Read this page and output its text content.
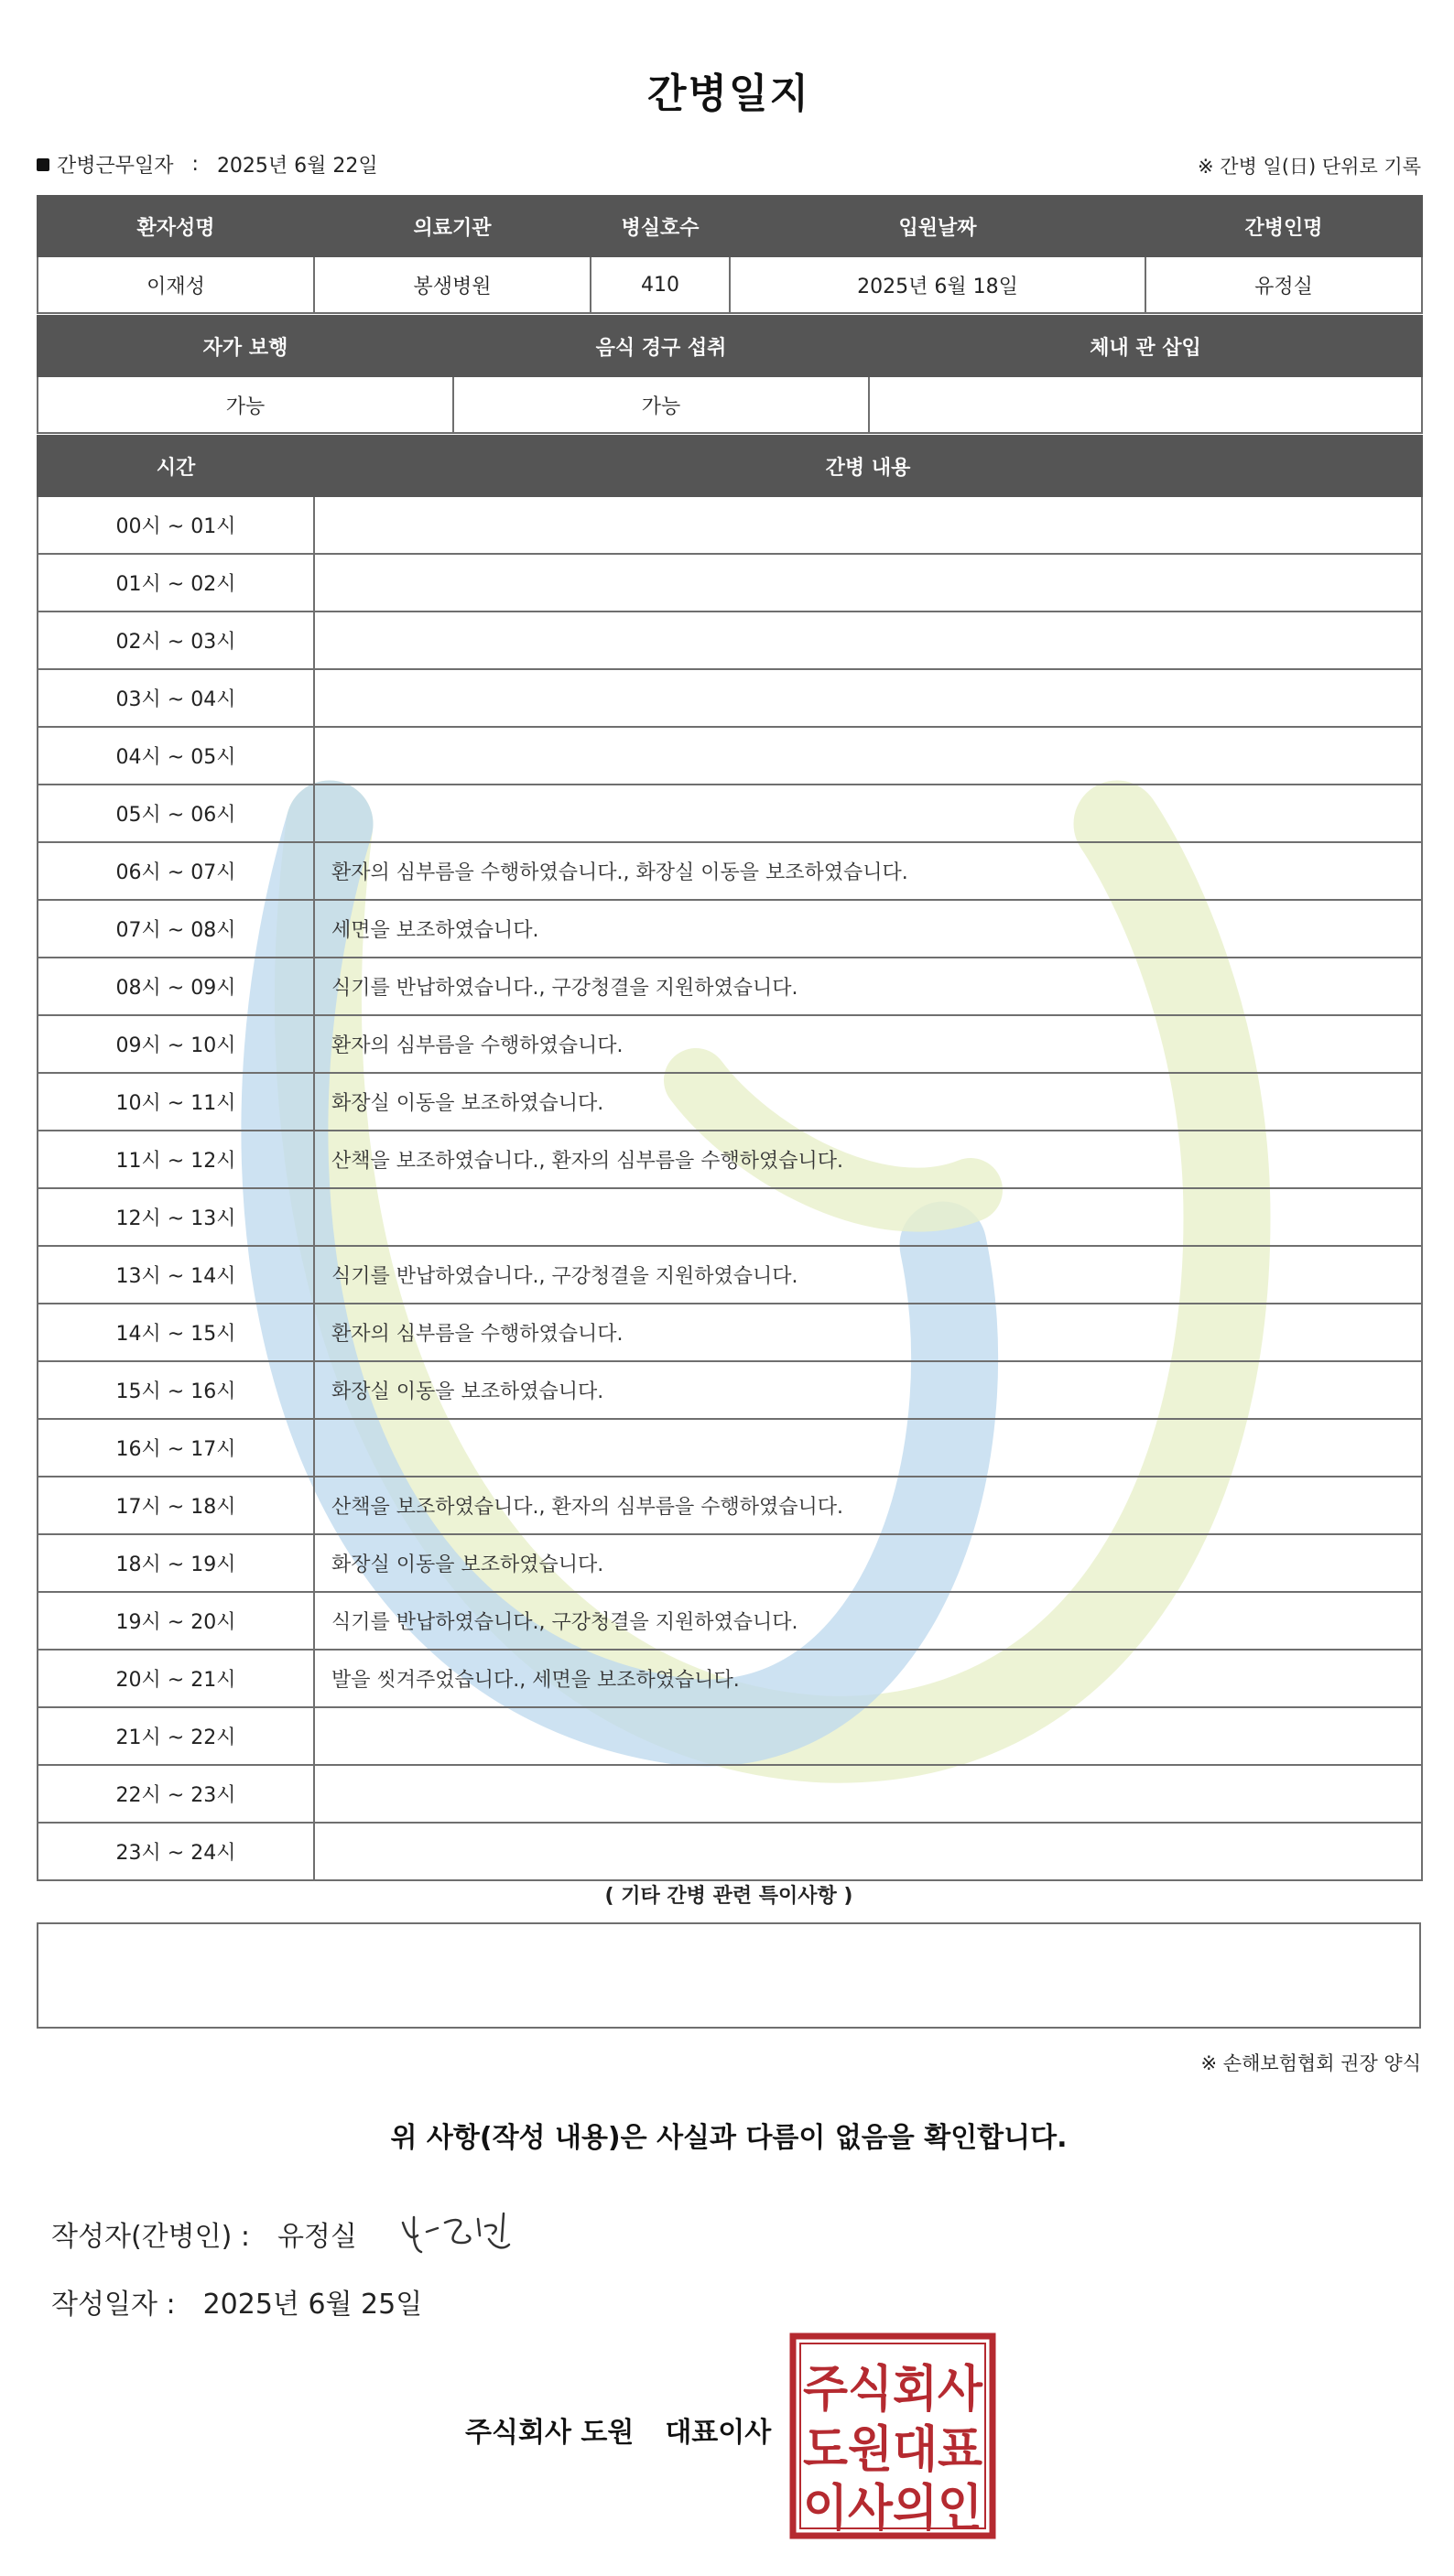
간병일지
간병근무일자 : 2025년 6월 22일	※ 간병 일(日) 단위로 기록
환자성명	의료기관	병실호수	입원날짜	간병인명
이재성	봉생병원	410	2025년 6월 18일	유정실
자가 보행	음식 경구 섭취	체내 관 삽입
가능	가능	
시간	간병 내용
00시 ~ 01시	
01시 ~ 02시	
02시 ~ 03시	
03시 ~ 04시	
04시 ~ 05시	
05시 ~ 06시	
06시 ~ 07시	환자의 심부름을 수행하였습니다., 화장실 이동을 보조하였습니다.
07시 ~ 08시	세면을 보조하였습니다.
08시 ~ 09시	식기를 반납하였습니다., 구강청결을 지원하였습니다.
09시 ~ 10시	환자의 심부름을 수행하였습니다.
10시 ~ 11시	화장실 이동을 보조하였습니다.
11시 ~ 12시	산책을 보조하였습니다., 환자의 심부름을 수행하였습니다.
12시 ~ 13시	
13시 ~ 14시	식기를 반납하였습니다., 구강청결을 지원하였습니다.
14시 ~ 15시	환자의 심부름을 수행하였습니다.
15시 ~ 16시	화장실 이동을 보조하였습니다.
16시 ~ 17시	
17시 ~ 18시	산책을 보조하였습니다., 환자의 심부름을 수행하였습니다.
18시 ~ 19시	화장실 이동을 보조하였습니다.
19시 ~ 20시	식기를 반납하였습니다., 구강청결을 지원하였습니다.
20시 ~ 21시	발을 씻겨주었습니다., 세면을 보조하였습니다.
21시 ~ 22시	
22시 ~ 23시	
23시 ~ 24시	
( 기타 간병 관련 특이사항 )
※ 손해보험협회 권장 양식
위 사항(작성 내용)은 사실과 다름이 없음을 확인합니다.
작성자(간병인) : 유정실
작성일자 : 2025년 6월 25일
주식회사 도원 대표이사
주식회사
도원대표
이사의인
